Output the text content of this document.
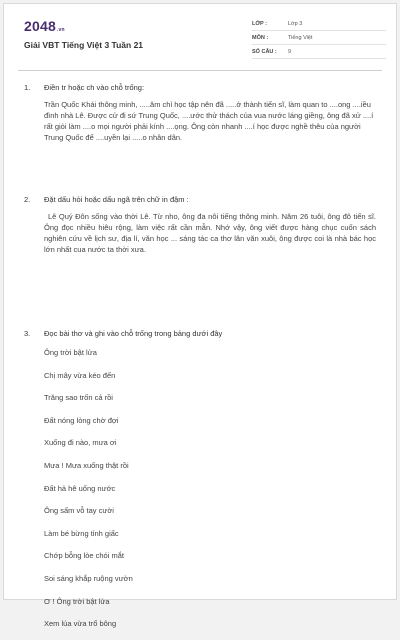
2048.vn
Giải VBT Tiếng Việt 3 Tuần 21
LỚP :	Lớp 3
MÔN :	Tiếng Việt
SỐ CÂU :	9
1.	Điền tr hoặc ch vào chỗ trống:
Trần Quốc Khái thông minh, .....ăm chỉ học tập nên đã .....ở thành tiến sĩ, làm quan to ....ong ....iều đình nhà Lê. Được cử đi sứ Trung Quốc, ....ước thử thách của vua nước láng giềng, ông đã xử ....í rất giỏi làm ....o mọi người phải kính ....ọng. Ông còn nhanh ....í học được nghề thêu của người Trung Quốc để ....uyền lại .....o nhân dân.
2.	Đặt dấu hỏi hoặc dấu ngã trên chữ in đậm :
Lê Quý Đôn sống vào thời Lê. Từ nho, ông đa nôi tiếng thông minh. Năm 26 tuôi, ông đô tiến sĩ. Ông đọc nhiều hiêu rộng, làm việc rất cần mẫn. Nhớ vậy, ông viết được hàng chục cuốn sách nghiên cứu về lịch sư, địa lí, văn học ... sáng tác ca thơ lân văn xuôi, ông được coi là nhà bác học lớn nhất cua nước ta thời xưa.
3.	Đọc bài thơ và ghi vào chỗ trống trong bảng dưới đây
Ông trời bật lửa
Chị mây vừa kéo đến
Trăng sao trốn cả rồi
Đất nóng lòng chờ đợi
Xuống đi nào, mưa ơi
Mưa ! Mưa xuống thật rồi
Đất hả hê uống nước
Ông sấm vỗ tay cười
Làm bé bừng tỉnh giấc
Chớp bỗng lòe chói mắt
Soi sáng khắp ruộng vườn
Ơ ! Ông trời bật lửa
Xem lúa vừa trổ bông
